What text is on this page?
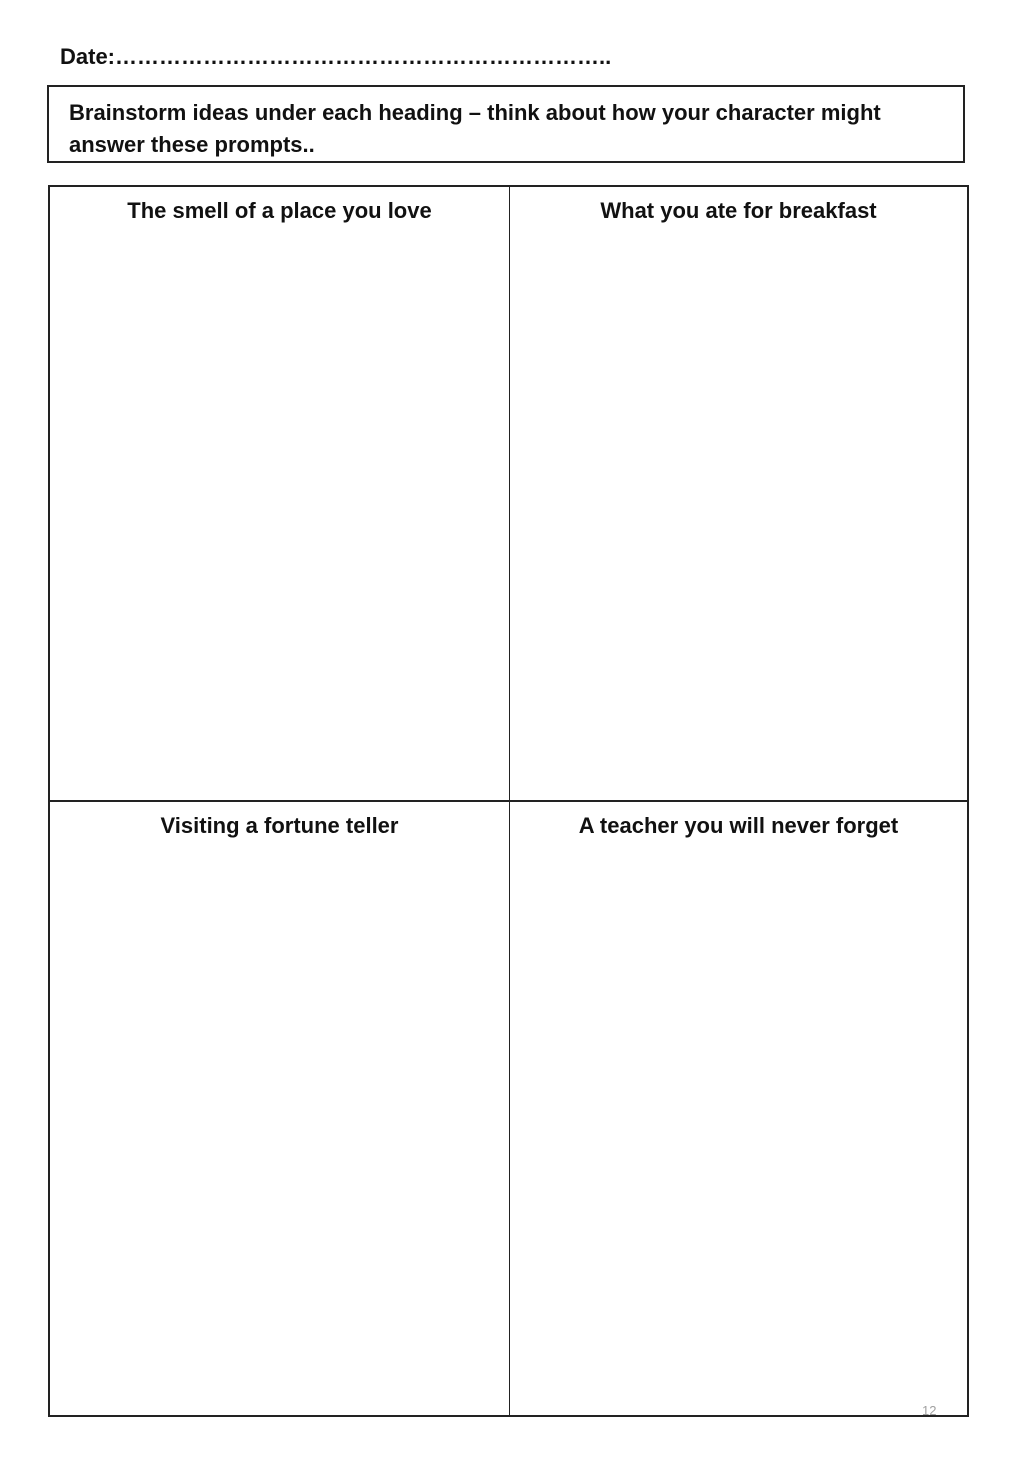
Date:…………………………………………………………..
Brainstorm ideas under each heading – think about how your character might answer these prompts..
The smell of a place you love	What you ate for breakfast
Visiting a fortune teller	A teacher you will never forget
12
